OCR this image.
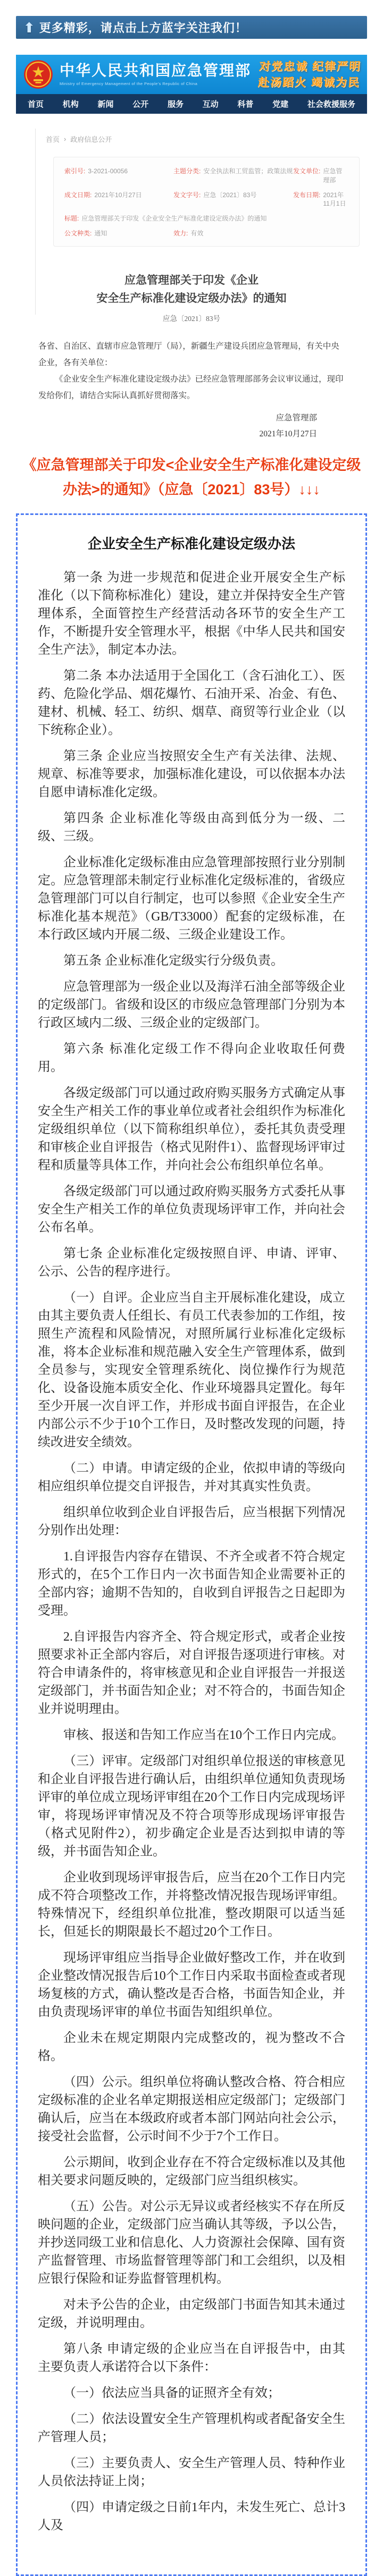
⬆ 更多精彩，请点击上方蓝字关注我们！
中华人民共和国应急管理部
Ministry of Emergency Management of the People's Republic of China
对党忠诚 纪律严明
赴汤蹈火 竭诚为民
首页 机构 新闻 公开 服务 互动 科普 党建 社会救援服务
首页 › 政府信息公开
索引号: 3-2021-00056	主题分类: 安全执法和工贸监管；政策法规 发文单位: 应急管理部
成文日期: 2021年10月27日	发文字号: 应急〔2021〕83号	发布日期: 2021年11月1日
标题: 应急管理部关于印发《企业安全生产标准化建设定级办法》的通知
公文种类: 通知	效力: 有效
应急管理部关于印发《企业
安全生产标准化建设定级办法》的通知
应急〔2021〕83号
各省、自治区、直辖市应急管理厅（局），新疆生产建设兵团应急管理局，有关中央企业，各有关单位：
《企业安全生产标准化建设定级办法》已经应急管理部部务会议审议通过，现印发给你们，请结合实际认真抓好贯彻落实。
应急管理部
2021年10月27日
《应急管理部关于印发<企业安全生产标准化建设定级办法>的通知》（应急〔2021〕83号）↓↓↓
企业安全生产标准化建设定级办法

第一条 为进一步规范和促进企业开展安全生产标准化（以下简称标准化）建设，建立并保持安全生产管理体系，全面管控生产经营活动各环节的安全生产工作，不断提升安全管理水平，根据《中华人民共和国安全生产法》，制定本办法。

第二条 本办法适用于全国化工（含石油化工）、医药、危险化学品、烟花爆竹、石油开采、冶金、有色、建材、机械、轻工、纺织、烟草、商贸等行业企业（以下统称企业）。

第三条 企业应当按照安全生产有关法律、法规、规章、标准等要求，加强标准化建设，可以依据本办法自愿申请标准化定级。

第四条 企业标准化等级由高到低分为一级、二级、三级。

企业标准化定级标准由应急管理部按照行业分别制定。应急管理部未制定行业标准化定级标准的，省级应急管理部门可以自行制定，也可以参照《企业安全生产标准化基本规范》（GB/T33000）配套的定级标准，在本行政区域内开展二级、三级企业建设工作。

第五条 企业标准化定级实行分级负责。

应急管理部为一级企业以及海洋石油全部等级企业的定级部门。省级和设区的市级应急管理部门分别为本行政区域内二级、三级企业的定级部门。

第六条 标准化定级工作不得向企业收取任何费用。

各级定级部门可以通过政府购买服务方式确定从事安全生产相关工作的事业单位或者社会组织作为标准化定级组织单位（以下简称组织单位），委托其负责受理和审核企业自评报告（格式见附件1）、监督现场评审过程和质量等具体工作，并向社会公布组织单位名单。

各级定级部门可以通过政府购买服务方式委托从事安全生产相关工作的单位负责现场评审工作，并向社会公布名单。

第七条 企业标准化定级按照自评、申请、评审、公示、公告的程序进行。

（一）自评。企业应当自主开展标准化建设，成立由其主要负责人任组长、有员工代表参加的工作组，按照生产流程和风险情况，对照所属行业标准化定级标准，将本企业标准和规范融入安全生产管理体系，做到全员参与，实现安全管理系统化、岗位操作行为规范化、设备设施本质安全化、作业环境器具定置化。每年至少开展一次自评工作，并形成书面自评报告，在企业内部公示不少于10个工作日，及时整改发现的问题，持续改进安全绩效。

（二）申请。申请定级的企业，依拟申请的等级向相应组织单位提交自评报告，并对其真实性负责。

组织单位收到企业自评报告后，应当根据下列情况分别作出处理：

1.自评报告内容存在错误、不齐全或者不符合规定形式的，在5个工作日内一次书面告知企业需要补正的全部内容；逾期不告知的，自收到自评报告之日起即为受理。

2.自评报告内容齐全、符合规定形式，或者企业按照要求补正全部内容后，对自评报告逐项进行审核。对符合申请条件的，将审核意见和企业自评报告一并报送定级部门，并书面告知企业；对不符合的，书面告知企业并说明理由。

审核、报送和告知工作应当在10个工作日内完成。

（三）评审。定级部门对组织单位报送的审核意见和企业自评报告进行确认后，由组织单位通知负责现场评审的单位成立现场评审组在20个工作日内完成现场评审，将现场评审情况及不符合项等形成现场评审报告（格式见附件2），初步确定企业是否达到拟申请的等级，并书面告知企业。

企业收到现场评审报告后，应当在20个工作日内完成不符合项整改工作，并将整改情况报告现场评审组。特殊情况下，经组织单位批准，整改期限可以适当延长，但延长的期限最长不超过20个工作日。

现场评审组应当指导企业做好整改工作，并在收到企业整改情况报告后10个工作日内采取书面检查或者现场复核的方式，确认整改是否合格，书面告知企业，并由负责现场评审的单位书面告知组织单位。

企业未在规定期限内完成整改的，视为整改不合格。

（四）公示。组织单位将确认整改合格、符合相应定级标准的企业名单定期报送相应定级部门；定级部门确认后，应当在本级政府或者本部门网站向社会公示，接受社会监督，公示时间不少于7个工作日。

公示期间，收到企业存在不符合定级标准以及其他相关要求问题反映的，定级部门应当组织核实。

（五）公告。对公示无异议或者经核实不存在所反映问题的企业，定级部门应当确认其等级，予以公告，并抄送同级工业和信息化、人力资源社会保障、国有资产监督管理、市场监督管理等部门和工会组织，以及相应银行保险和证券监督管理机构。

对未予公告的企业，由定级部门书面告知其未通过定级，并说明理由。

第八条 申请定级的企业应当在自评报告中，由其主要负责人承诺符合以下条件：

（一）依法应当具备的证照齐全有效；

（二）依法设置安全生产管理机构或者配备安全生产管理人员；

（三）主要负责人、安全生产管理人员、特种作业人员依法持证上岗；

（四）申请定级之日前1年内，未发生死亡、总计3人及
